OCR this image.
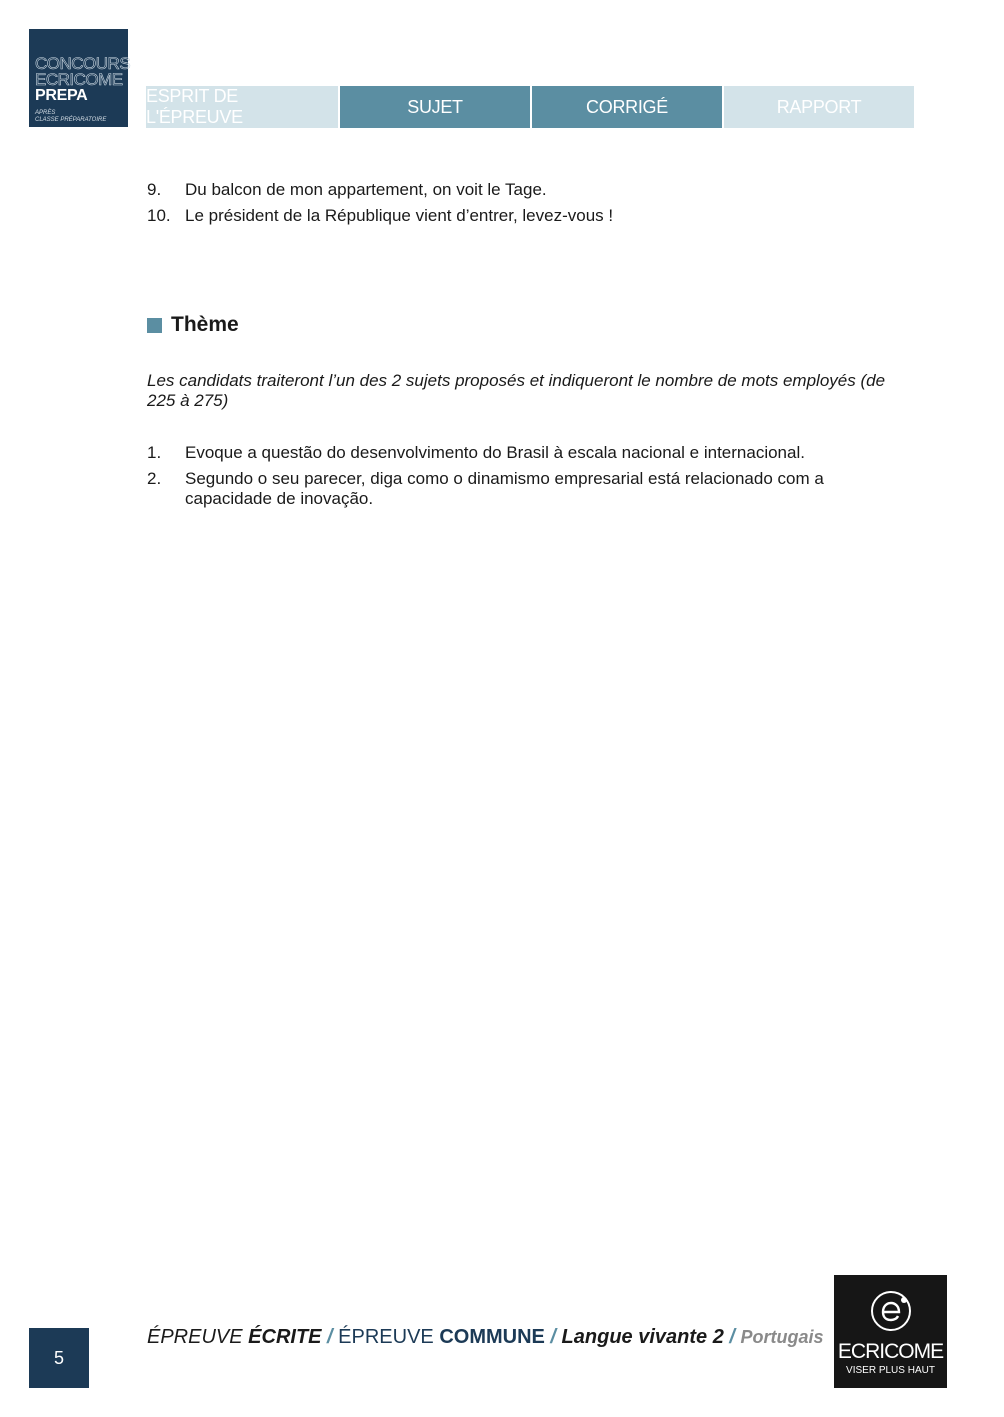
CONCOURS
ECRICOME
PREPA
APRÈS
CLASSE PRÉPARATOIRE
ESPRIT DE L'ÉPREUVE
SUJET	CORRIGÉ	RAPPORT
9.	Du balcon de mon appartement, on voit le Tage.
10. Le président de la République vient d’entrer, levez-vous !
Thème
Les candidats traiteront l’un des 2 sujets proposés et indiqueront le nombre de mots employés (de 225 à 275)
1.	Evoque a questão do desenvolvimento do Brasil à escala nacional e internacional.
2.	Segundo o seu parecer, diga como o dinamismo empresarial está relacionado com a capacidade de inovação.
5
ÉPREUVE ÉCRITE / ÉPREUVE COMMUNE / Langue vivante 2 / Portugais
ECRICOME
VISER PLUS HAUT
